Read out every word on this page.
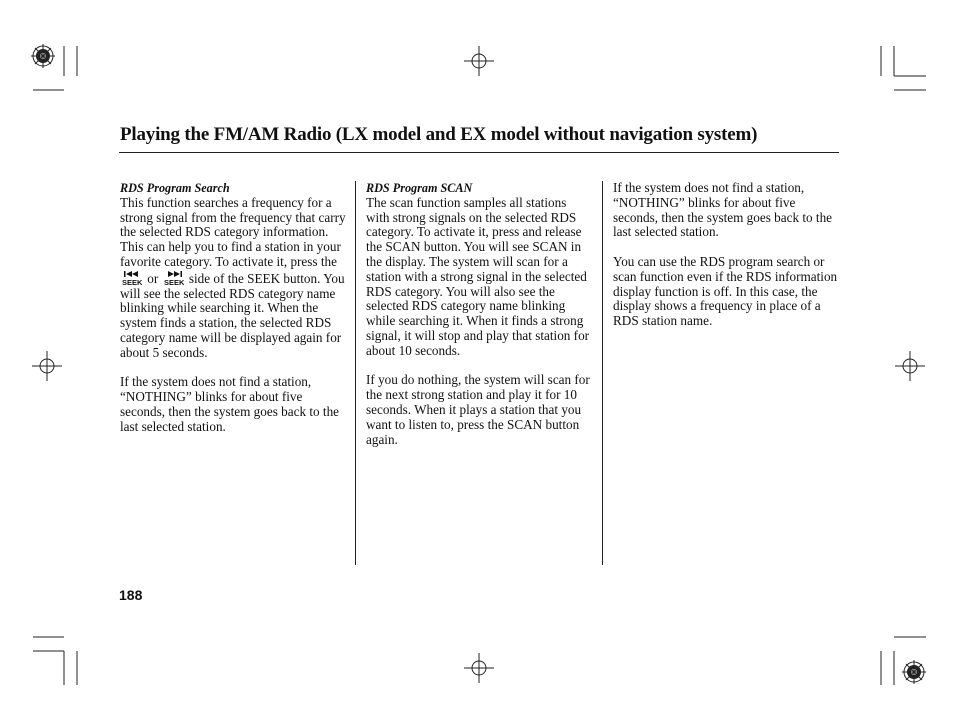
Playing the FM/AM Radio (LX model and EX model without navigation system)
RDS Program Search

This function searches a frequency for a strong signal from the frequency that carry the selected RDS category information. This can help you to find a station in your favorite category. To activate it, press the
SEEK or SEEK side of the SEEK button. You will see the selected RDS category name blinking while searching it. When the system finds a station, the selected RDS category name will be displayed again for about 5 seconds.

If the system does not find a station, “NOTHING” blinks for about five seconds, then the system goes back to the last selected station.

RDS Program SCAN

The scan function samples all stations with strong signals on the selected RDS category. To activate it, press and release the SCAN button. You will see SCAN in the display. The system will scan for a station with a strong signal in the selected RDS category. You will also see the selected RDS category name blinking while searching it. When it finds a strong signal, it will stop and play that station for about 10 seconds.

If you do nothing, the system will scan for the next strong station and play it for 10 seconds. When it plays a station that you want to listen to, press the SCAN button again.

If the system does not find a station, “NOTHING” blinks for about five seconds, then the system goes back to the last selected station.

You can use the RDS program search or scan function even if the RDS information display function is off. In this case, the display shows a frequency in place of a RDS station name.

188
